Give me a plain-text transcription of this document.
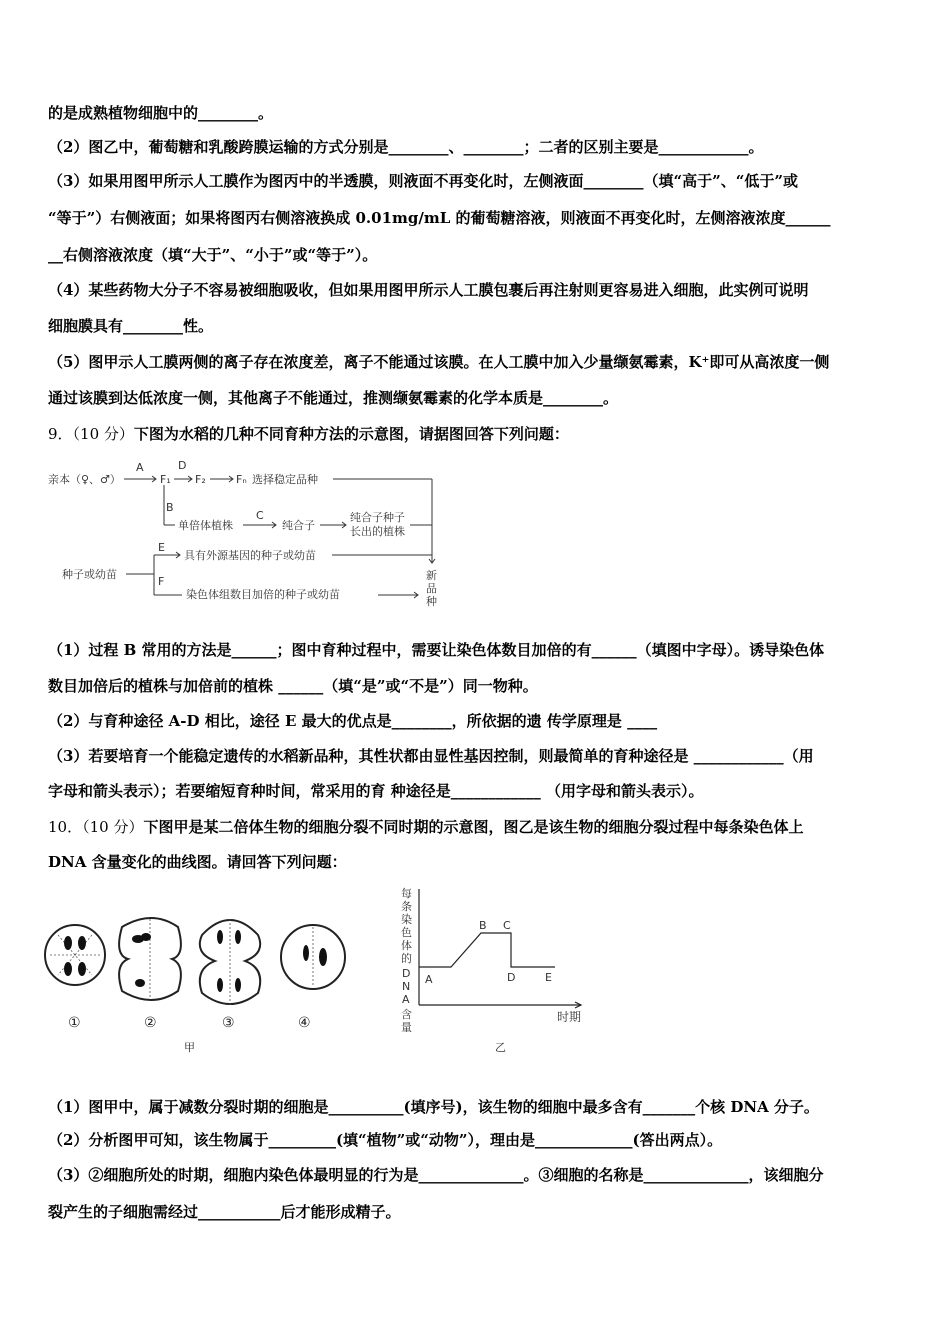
的是成熟植物细胞中的________。
（2）图乙中，葡萄糖和乳酸跨膜运输的方式分别是________、________；二者的区别主要是____________。
（3）如果用图甲所示人工膜作为图丙中的半透膜，则液面不再变化时，左侧液面________（填“高于”、“低于”或
“等于”）右侧液面；如果将图丙右侧溶液换成 0.01mg/mL 的葡萄糖溶液，则液面不再变化时，左侧溶液浓度______
__右侧溶液浓度（填“大于”、“小于”或“等于”）。
（4）某些药物大分子不容易被细胞吸收，但如果用图甲所示人工膜包裹后再注射则更容易进入细胞，此实例可说明
细胞膜具有________性。
（5）图甲示人工膜两侧的离子存在浓度差，离子不能通过该膜。在人工膜中加入少量缬氨霉素，K⁺即可从高浓度一侧
通过该膜到达低浓度一侧，其他离子不能通过，推测缬氨霉素的化学本质是________。
9．（10 分）下图为水稻的几种不同育种方法的示意图，请据图回答下列问题：
亲本（♀、♂）
A
F₁
D
F₂	Fₙ 选择稳定品种
B
单倍体植株
C
纯合子
纯合子种子
长出的植株
种子或幼苗
E
具有外源基因的种子或幼苗
F
染色体组数目加倍的种子或幼苗
新
品
种
（1）过程 B 常用的方法是______；图中育种过程中，需要让染色体数目加倍的有______（填图中字母）。诱导染色体
数目加倍后的植株与加倍前的植株 ______（填“是”或“不是”）同一物种。
（2）与育种途径 A-D 相比，途径 E 最大的优点是________，所依据的遗 传学原理是 ____
（3）若要培育一个能稳定遗传的水稻新品种，其性状都由显性基因控制，则最简单的育种途径是 ____________（用
字母和箭头表示）；若要缩短育种时间，常采用的育 种途径是____________ （用字母和箭头表示）。
10．（10 分）下图甲是某二倍体生物的细胞分裂不同时期的示意图，图乙是该生物的细胞分裂过程中每条染色体上
DNA 含量变化的曲线图。请回答下列问题：
①	②	③	④
甲
每
条
染
色
体
的
D
N
A
含
量
A
B C
D	E
时期
乙
（1）图甲中，属于减数分裂时期的细胞是__________(填序号)，该生物的细胞中最多含有_______个核 DNA 分子。
（2）分析图甲可知，该生物属于_________(填“植物”或“动物”），理由是_____________(答出两点）。
（3）②细胞所处的时期，细胞内染色体最明显的行为是______________。③细胞的名称是______________，该细胞分
裂产生的子细胞需经过___________后才能形成精子。
